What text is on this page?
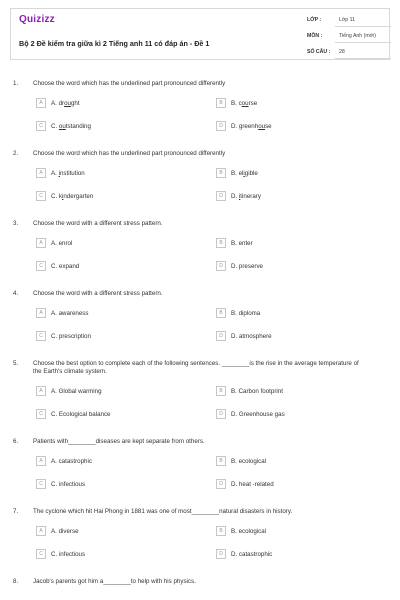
Quizizz
Bộ 2 Đề kiểm tra giữa kì 2 Tiếng anh 11 có đáp án - Đề 1
LỚP :	Lớp 11
MÔN :	Tiếng Anh (mới)
SỐ CÂU : 28
1. Choose the word which has the underlined part pronounced differently
A	A. drought	B	B. course
C	C. outstanding	D	D. greenhouse
2. Choose the word which has the underlined part pronounced differently
A	A. institution	B	B. eligible
C	C. kindergarten	D	D. itinerary
3. Choose the word with a different stress pattern.
A	A. enrol	B	B. enter
C	C. expand	D	D. preserve
4. Choose the word with a different stress pattern.
A	A. awareness	B	B. diploma
C	C. prescription	D	D. atmosphere
5. Choose the best option to complete each of the following sentences. ________is the rise in the average temperature of the Earth's climate system.
A	A. Global warming	B	B. Carbon footprint
C	C. Ecological balance	D	D. Greenhouse gas
6. Patients with________diseases are kept separate from others.
A	A. catastrophic	B	B. ecological
C	C. infectious	D	D. heat -related
7. The cyclone which hit Hai Phong in 1881 was one of most________natural disasters in history.
A	A. diverse	B	B. ecological
C	C. infectious	D	D. catastrophic
8. Jacob's parents got him a________to help with his physics.
